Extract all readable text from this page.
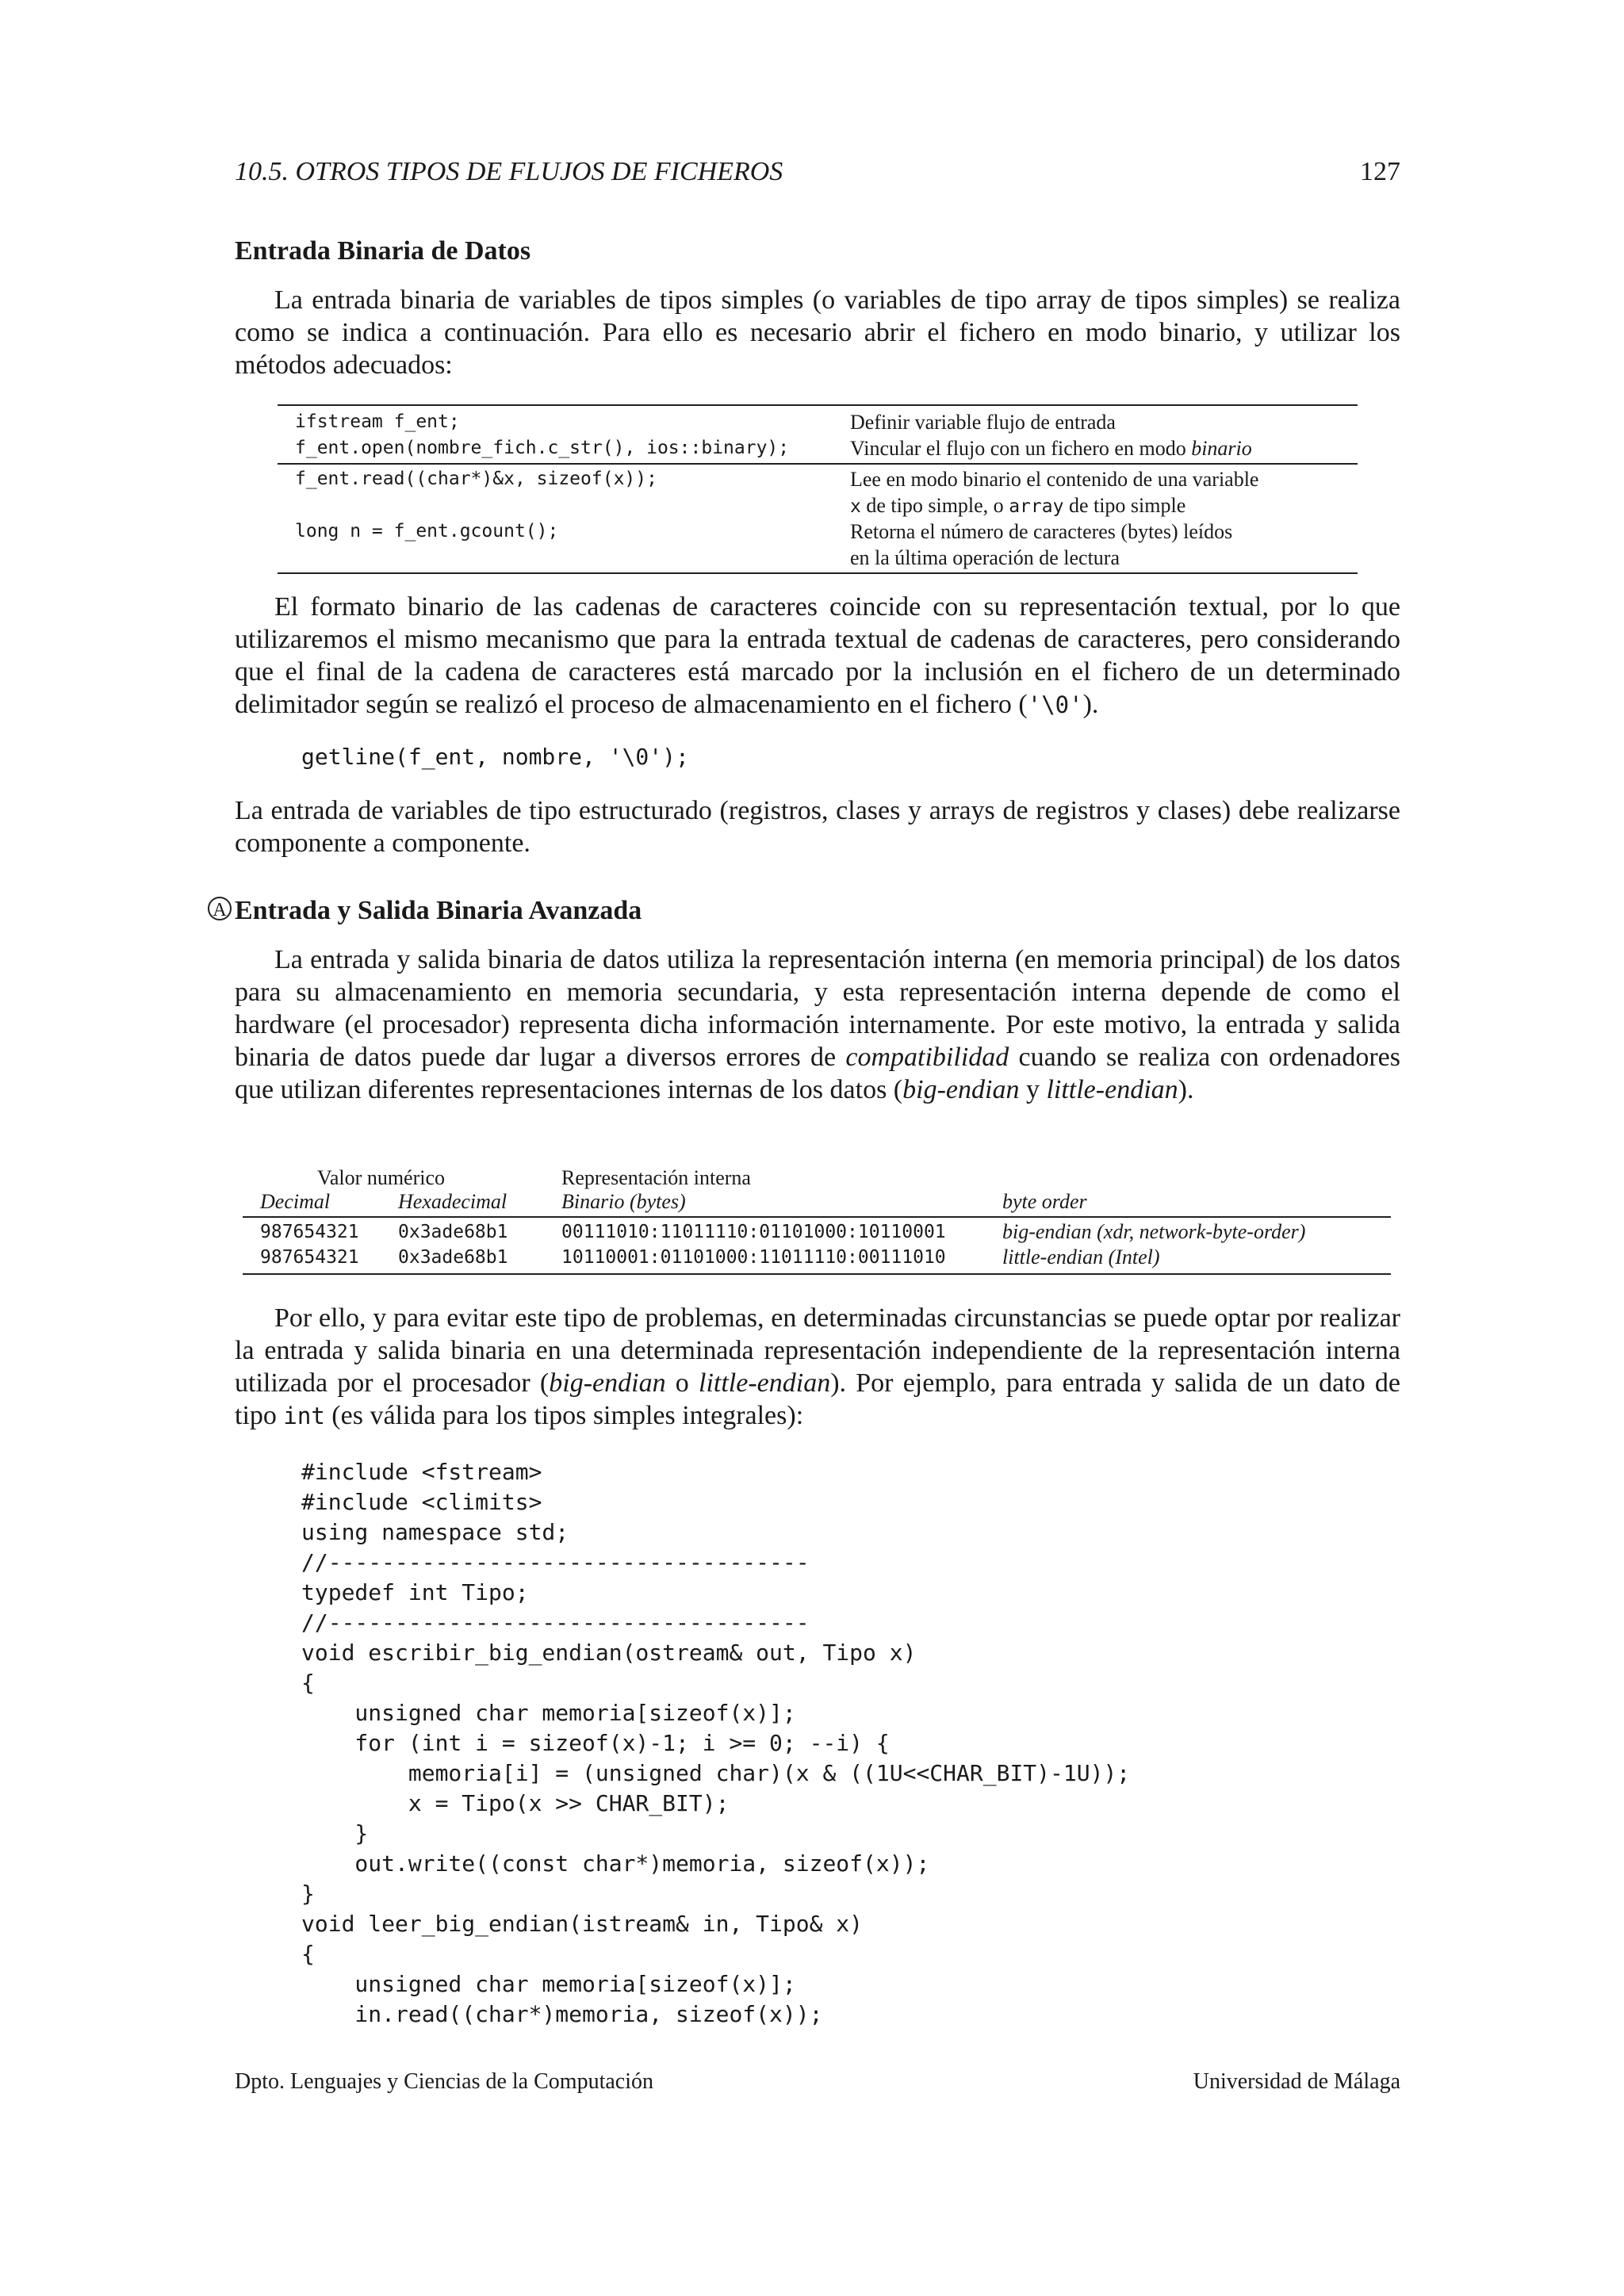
10.5. OTROS TIPOS DE FLUJOS DE FICHEROS	127
Entrada Binaria de Datos
La entrada binaria de variables de tipos simples (o variables de tipo array de tipos simples) se realiza como se indica a continuación. Para ello es necesario abrir el fichero en modo binario, y utilizar los métodos adecuados:
ifstream f_ent;	Definir variable flujo de entrada
f_ent.open(nombre_fich.c_str(), ios::binary);	Vincular el flujo con un fichero en modo binario
f_ent.read((char*)&x, sizeof(x));	Lee en modo binario el contenido de una variable
x de tipo simple, o array de tipo simple
long n = f_ent.gcount();	Retorna el número de caracteres (bytes) leídos
en la última operación de lectura
El formato binario de las cadenas de caracteres coincide con su representación textual, por lo que utilizaremos el mismo mecanismo que para la entrada textual de cadenas de caracteres, pero considerando que el final de la cadena de caracteres está marcado por la inclusión en el fichero de un determinado delimitador según se realizó el proceso de almacenamiento en el fichero ('\0').
getline(f_ent, nombre, '\0');
La entrada de variables de tipo estructurado (registros, clases y arrays de registros y clases) debe realizarse componente a componente.
A Entrada y Salida Binaria Avanzada
La entrada y salida binaria de datos utiliza la representación interna (en memoria principal) de los datos para su almacenamiento en memoria secundaria, y esta representación interna depende de como el hardware (el procesador) representa dicha información internamente. Por este motivo, la entrada y salida binaria de datos puede dar lugar a diversos errores de compatibilidad cuando se realiza con ordenadores que utilizan diferentes representaciones internas de los datos (big-endian y little-endian).
Valor numérico	Representación interna
Decimal	Hexadecimal	Binario (bytes)	byte order
987654321 0x3ade68b1	00111010:11011110:01101000:10110001	big-endian (xdr, network-byte-order)
987654321 0x3ade68b1	10110001:01101000:11011110:00111010	little-endian (Intel)
Por ello, y para evitar este tipo de problemas, en determinadas circunstancias se puede optar por realizar la entrada y salida binaria en una determinada representación independiente de la representación interna utilizada por el procesador (big-endian o little-endian). Por ejemplo, para entrada y salida de un dato de tipo int (es válida para los tipos simples integrales):
#include <fstream>
#include <climits>
using namespace std;
//------------------------------------
typedef int Tipo;
//------------------------------------
void escribir_big_endian(ostream& out, Tipo x)
{
unsigned char memoria[sizeof(x)];
for (int i = sizeof(x)-1; i >= 0; --i) {
memoria[i] = (unsigned char)(x & ((1U<<CHAR_BIT)-1U));
x = Tipo(x >> CHAR_BIT);
}
out.write((const char*)memoria, sizeof(x));
}
void leer_big_endian(istream& in, Tipo& x)
{
unsigned char memoria[sizeof(x)];
in.read((char*)memoria, sizeof(x));
Dpto. Lenguajes y Ciencias de la Computación	Universidad de Málaga
